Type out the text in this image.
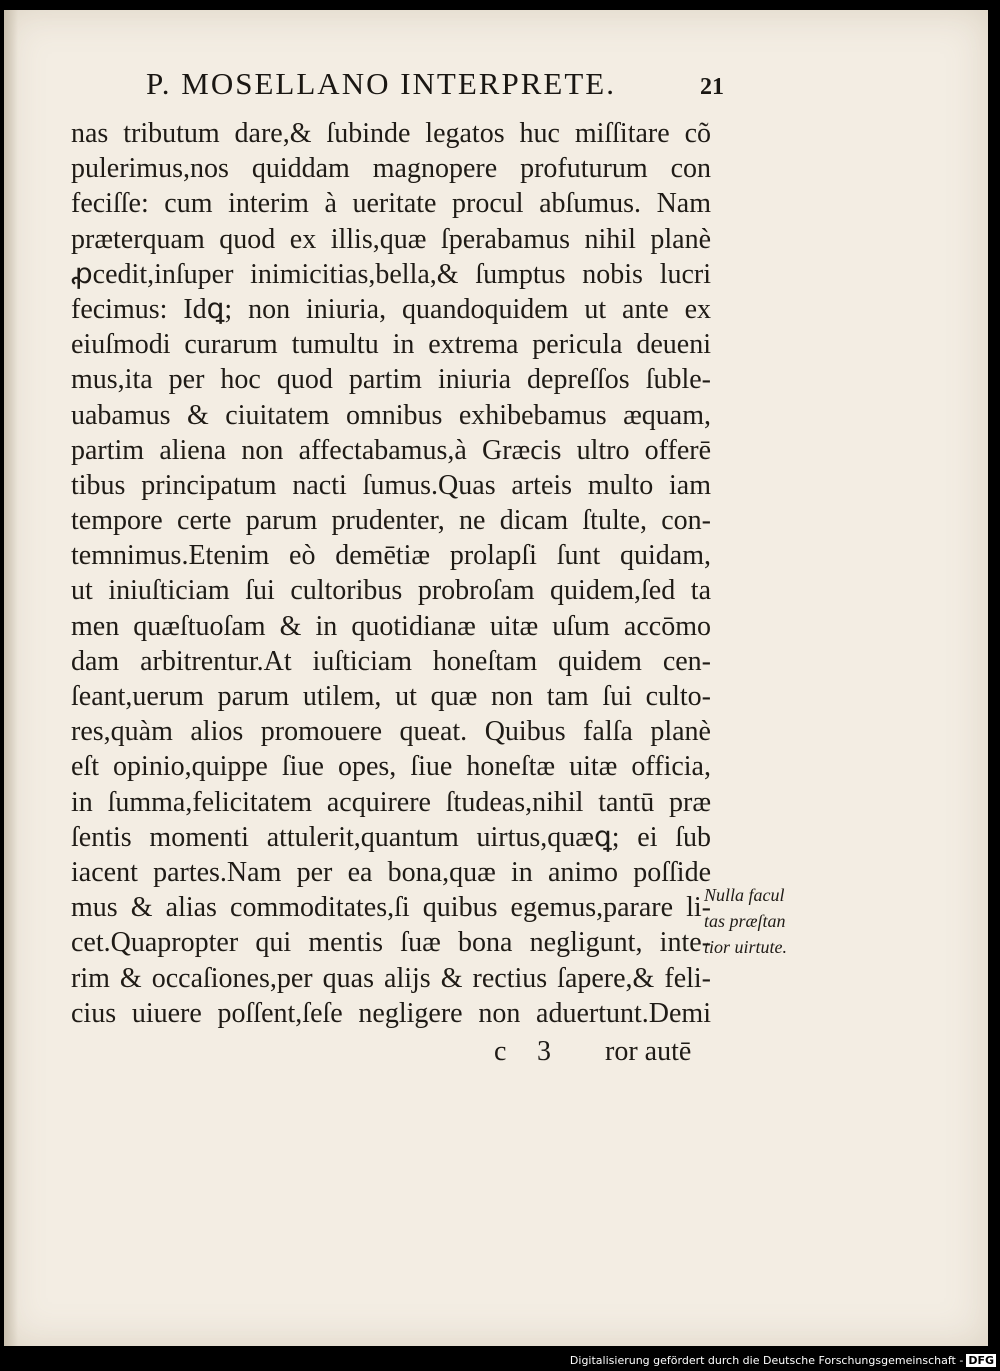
P. MOSELLANO INTERPRETE.	21
nas tributum dare,& ſubinde legatos huc miſſitare cõ
pulerimus,nos quiddam magnopere profuturum con
feciſſe: cum interim à ueritate procul abſumus. Nam
præterquam quod ex illis,quæ ſperabamus nihil planè
ꝓcedit,inſuper inimicitias,bella,& ſumptus nobis lucri
fecimus: Idꝗ; non iniuria, quandoquidem ut ante ex
eiuſmodi curarum tumultu in extrema pericula deueni
mus,ita per hoc quod partim iniuria depreſſos ſuble-
uabamus & ciuitatem omnibus exhibebamus æquam,
partim aliena non affectabamus,à Græcis ultro offerē
tibus principatum nacti ſumus.Quas arteis multo iam
tempore certe parum prudenter, ne dicam ſtulte, con-
temnimus.Etenim eò demētiæ prolapſi ſunt quidam,
ut iniuſticiam ſui cultoribus probroſam quidem,ſed ta
men quæſtuoſam & in quotidianæ uitæ uſum accōmo
dam arbitrentur.At iuſticiam honeſtam quidem cen-
ſeant,uerum parum utilem, ut quæ non tam ſui culto-
res,quàm alios promouere queat. Quibus falſa planè
eſt opinio,quippe ſiue opes, ſiue honeſtæ uitæ officia,
in ſumma,felicitatem acquirere ſtudeas,nihil tantū præ
ſentis momenti attulerit,quantum uirtus,quæꝗ; ei ſub
iacent partes.Nam per ea bona,quæ in animo poſſide
mus & alias commoditates,ſi quibus egemus,parare li-
cet.Quapropter qui mentis ſuæ bona negligunt, inte-
rim & occaſiones,per quas alijs & rectius ſapere,& feli-
cius uiuere poſſent,ſeſe negligere non aduertunt.Demi
Nulla facul
tas præſtan
tior uirtute.
c 3 ror autē
Digitalisierung gefördert durch die Deutsche Forschungsgemeinschaft - DFG
